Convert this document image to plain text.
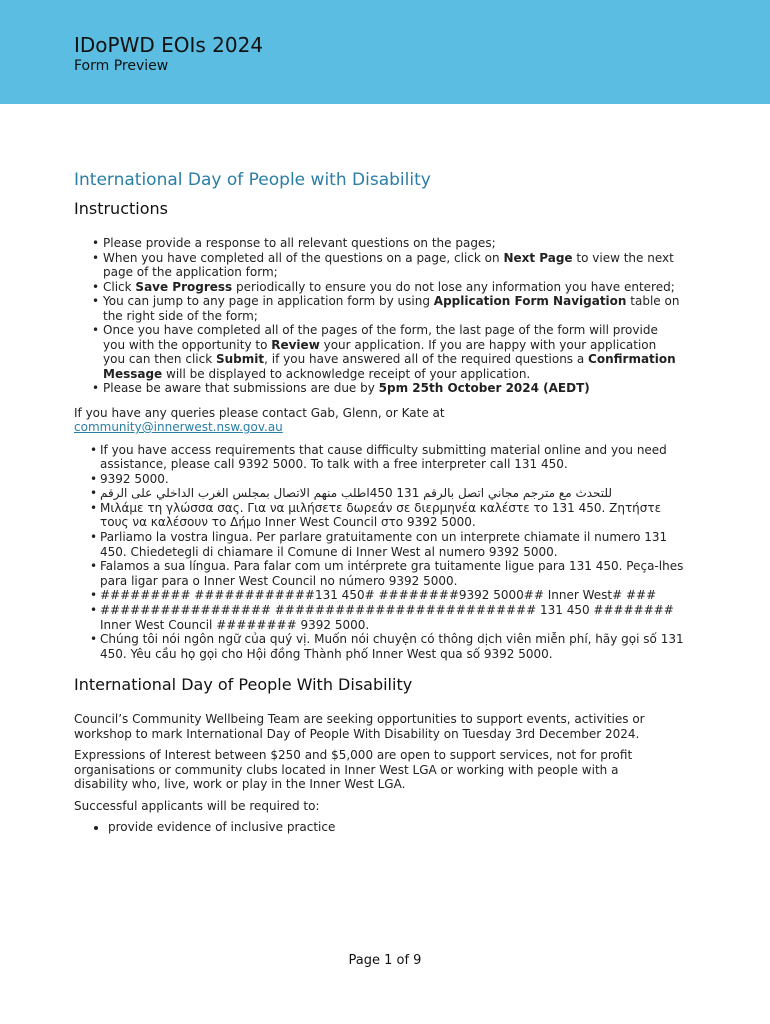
IDoPWD EOIs 2024
Form Preview
International Day of People with Disability
Instructions
• Please provide a response to all relevant questions on the pages;
• When you have completed all of the questions on a page, click on Next Page to view the next page of the application form;
• Click Save Progress periodically to ensure you do not lose any information you have entered;
• You can jump to any page in application form by using Application Form Navigation table on the right side of the form;
• Once you have completed all of the pages of the form, the last page of the form will provide you with the opportunity to Review your application. If you are happy with your application you can then click Submit, if you have answered all of the required questions a Confirmation Message will be displayed to acknowledge receipt of your application.
• Please be aware that submissions are due by 5pm 25th October 2024 (AEDT)

If you have any queries please contact Gab, Glenn, or Kate at
community@innerwest.nsw.gov.au

• If you have access requirements that cause difficulty submitting material online and you need assistance, please call 9392 5000. To talk with a free interpreter call 131 450.
• 9392 5000.
• للتحدث مع مترجم مجاني اتصل بالرقم 131 450اطلب منهم الاتصال بمجلس الغرب الداخلي على الرقم
• Μιλάμε τη γλώσσα σας. Για να μιλήσετε δωρεάν σε διερμηνέα καλέστε το 131 450. Ζητήστε τους να καλέσουν το Δήμο Inner West Council στο 9392 5000.
• Parliamo la vostra lingua. Per parlare gratuitamente con un interprete chiamate il numero 131 450. Chiedetegli di chiamare il Comune di Inner West al numero 9392 5000.
• Falamos a sua língua. Para falar com um intérprete gra tuitamente ligue para 131 450. Peça-lhes para ligar para o Inner West Council no número 9392 5000.
• ######### ############131 450# ########9392 5000## Inner West# ###
• ################# ########################## 131 450 ######## Inner West Council ######## 9392 5000.
• Chúng tôi nói ngôn ngữ của quý vị. Muốn nói chuyện có thông dịch viên miễn phí, hãy gọi số 131 450. Yêu cầu họ gọi cho Hội đồng Thành phố Inner West qua số 9392 5000.
International Day of People With Disability

Council’s Community Wellbeing Team are seeking opportunities to support events, activities or workshop to mark International Day of People With Disability on Tuesday 3rd December 2024.

Expressions of Interest between $250 and $5,000 are open to support services, not for profit organisations or community clubs located in Inner West LGA or working with people with a disability who, live, work or play in the Inner West LGA.

Successful applicants will be required to:

• provide evidence of inclusive practice
Page 1 of 9
